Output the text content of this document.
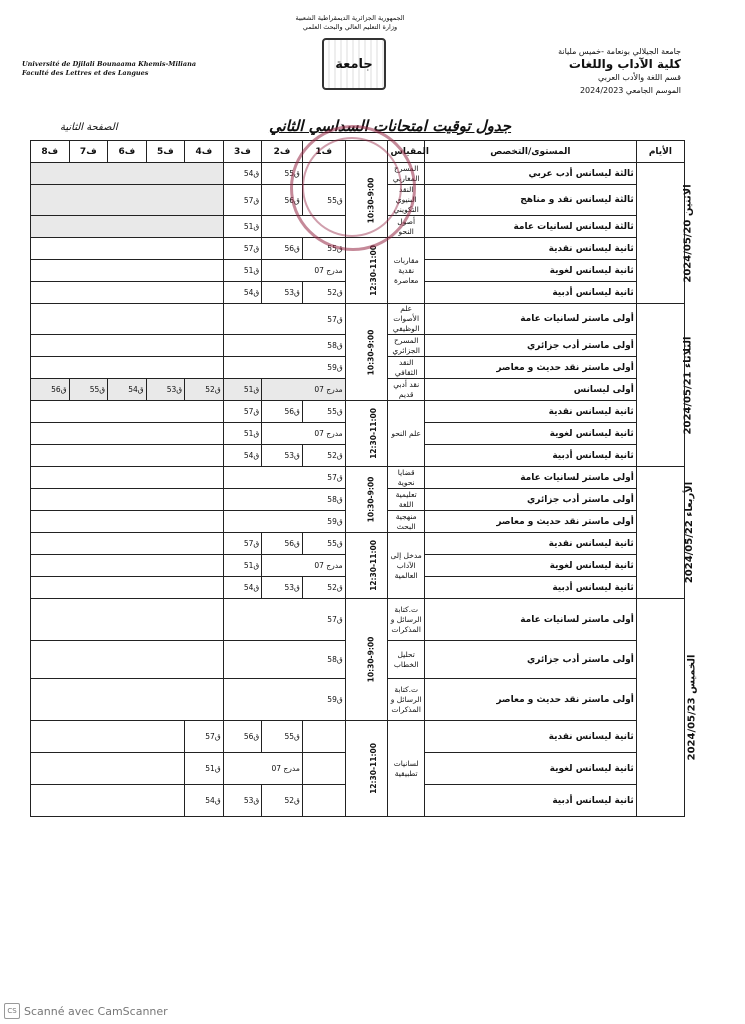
الجمهورية الجزائرية الديمقراطية الشعبية
وزارة التعليم العالي والبحث العلمي
جامعة
Université de Djilali Bounaama Khemis-Miliana
Faculté des Lettres et des Langues
جامعة الجيلالي بونعامة -خميس مليانة
كلية الآداب واللغات
قسم اللغة والأدب العربي
الموسم الجامعي 2024/2023
جدول توقيت امتحانات السداسي الثاني
الصفحة الثانية
ف8	ف7	ف6	ف5	ف4	ف3	ف2	ف1		المقياس	المستوى/التخصص	الأيام
					ق54	ق55		10:30-9:00	المسرح المغاربي	ثالثة ليسانس أدب عربي	الاثنين 2024/05/20
					ق57	ق56	ق55		النقد البنيوي التكويني	ثالثة ليسانس نقد و مناهج	
					ق51				أصول النحو	ثالثة ليسانس لسانيات عامة	
					ق57	ق56	ق55	12:30-11:00	مقاربات نقدية معاصرة	ثانية ليسانس نقدية	
					ق51	مدرج 07				ثانية ليسانس لغوية	
					ق54	ق53	ق52			ثانية ليسانس أدبية	
					ق57			10:30-9:00	علم الأصوات الوظيفي	أولى ماستر لسانيات عامة	الثلاثاء 2024/05/21
					ق58				المسرح الجزائري	أولى ماستر أدب جزائري	
					ق59				النقد الثقافي	أولى ماستر نقد حديث و معاصر	
ق56	ق55	ق54	ق53	ق52	ق51	مدرج 07			نقد أدبي قديم	أولى ليسانس	
					ق57	ق56	ق55	12:30-11:00	علم النحو	ثانية ليسانس نقدية	
					ق51	مدرج 07				ثانية ليسانس لغوية	
					ق54	ق53	ق52			ثانية ليسانس أدبية	
					ق57			10:30-9:00	قضايا نحوية	أولى ماستر لسانيات عامة	الأربعاء 2024/05/22
					ق58				تعليمية اللغة	أولى ماستر أدب جزائري	
					ق59				منهجية البحث	أولى ماستر نقد حديث و معاصر	
					ق57	ق56	ق55	12:30-11:00	مدخل إلى الآداب العالمية	ثانية ليسانس نقدية	
					ق51	مدرج 07				ثانية ليسانس لغوية	
					ق54	ق53	ق52			ثانية ليسانس أدبية	
					ق57			10:30-9:00	ت.كتابة الرسائل و المذكرات	أولى ماستر لسانيات عامة	الخميس 2024/05/23
					ق58				تحليل الخطاب	أولى ماستر أدب جزائري	
					ق59				ت.كتابة الرسائل و المذكرات	أولى ماستر نقد حديث و معاصر	
				ق57	ق56	ق55		12:30-11:00	لسانيات تطبيقية	ثانية ليسانس نقدية	
				ق51	مدرج 07					ثانية ليسانس لغوية	
				ق54	ق53	ق52				ثانية ليسانس أدبية	
CS Scanné avec CamScanner
